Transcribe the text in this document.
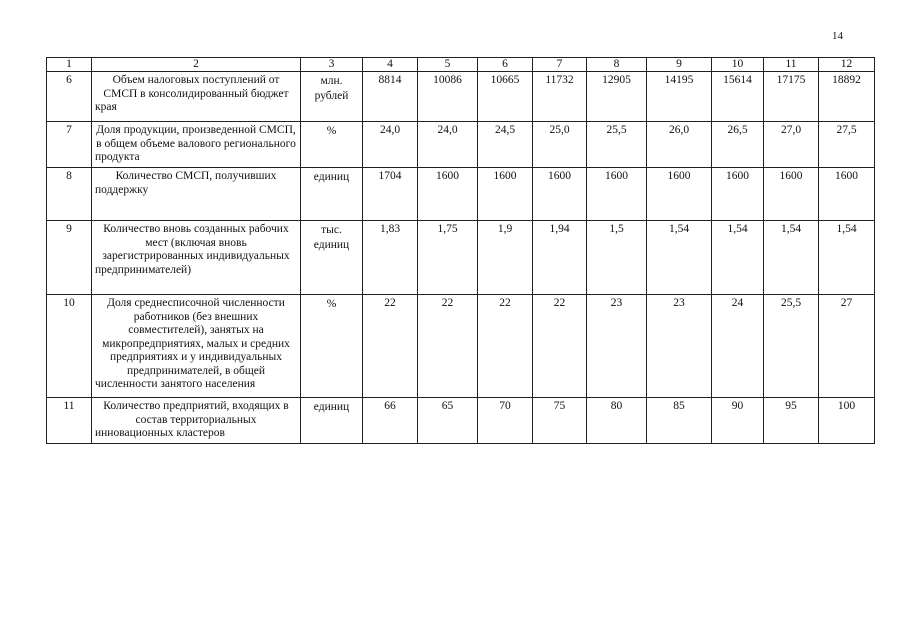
14
1	2	3	4	5	6	7	8	9	10	11	12
6	Объем налоговых поступлений от СМСП в консолидированный бюджет края	млн. рублей	8814	10086	10665	11732	12905	14195	15614	17175	18892
7	Доля продукции, произведенной СМСП, в общем объеме валового регионального продукта	%	24,0	24,0	24,5	25,0	25,5	26,0	26,5	27,0	27,5
8	Количество СМСП, получивших поддержку	единиц	1704	1600	1600	1600	1600	1600	1600	1600	1600
9	Количество вновь созданных рабочих мест (включая вновь зарегистрированных индивидуальных предпринимателей)	тыс. единиц	1,83	1,75	1,9	1,94	1,5	1,54	1,54	1,54	1,54
10	Доля среднесписочной численности работников (без внешних совместителей), занятых на микропредприятиях, малых и средних предприятиях и у индивидуальных предпринимателей, в общей численности занятого населения	%	22	22	22	22	23	23	24	25,5	27
11	Количество предприятий, входящих в состав территориальных инновационных кластеров	единиц	66	65	70	75	80	85	90	95	100
